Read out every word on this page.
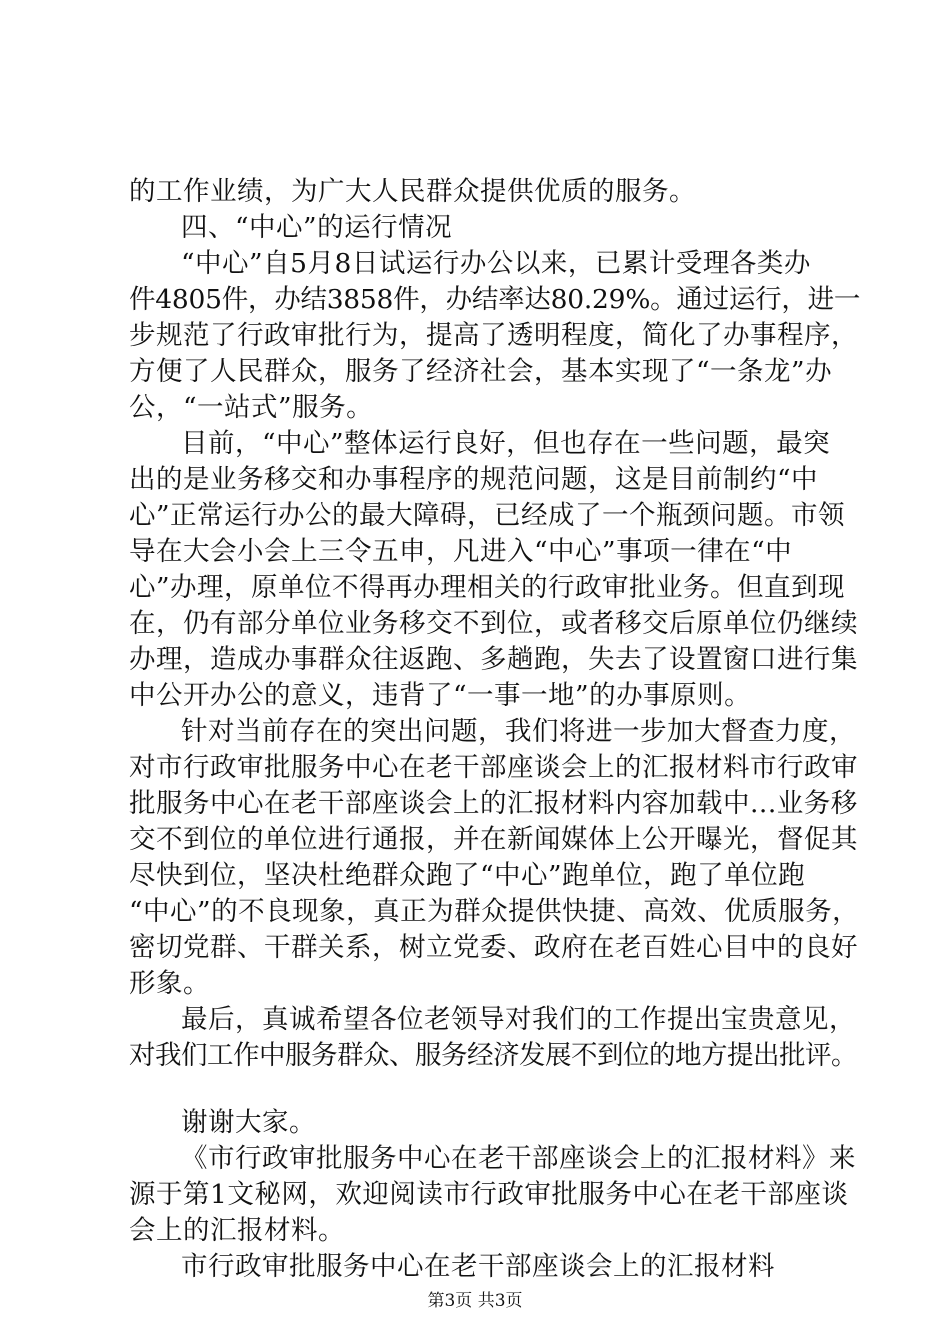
的工作业绩，为广大人民群众提供优质的服务。
四、“中心”的运行情况
“中心”自5月8日试运行办公以来，已累计受理各类办
件4805件，办结3858件，办结率达80.29%。通过运行，进一
步规范了行政审批行为，提高了透明程度，简化了办事程序，
方便了人民群众，服务了经济社会，基本实现了“一条龙”办
公，“一站式”服务。
目前，“中心”整体运行良好，但也存在一些问题，最突
出的是业务移交和办事程序的规范问题，这是目前制约“中
心”正常运行办公的最大障碍，已经成了一个瓶颈问题。市领
导在大会小会上三令五申，凡进入“中心”事项一律在“中
心”办理，原单位不得再办理相关的行政审批业务。但直到现
在，仍有部分单位业务移交不到位，或者移交后原单位仍继续
办理，造成办事群众往返跑、多趟跑，失去了设置窗口进行集
中公开办公的意义，违背了“一事一地”的办事原则。
针对当前存在的突出问题，我们将进一步加大督查力度，
对市行政审批服务中心在老干部座谈会上的汇报材料市行政审
批服务中心在老干部座谈会上的汇报材料内容加载中...业务移
交不到位的单位进行通报，并在新闻媒体上公开曝光，督促其
尽快到位，坚决杜绝群众跑了“中心”跑单位，跑了单位跑
“中心”的不良现象，真正为群众提供快捷、高效、优质服务，
密切党群、干群关系，树立党委、政府在老百姓心目中的良好
形象。
最后，真诚希望各位老领导对我们的工作提出宝贵意见，
对我们工作中服务群众、服务经济发展不到位的地方提出批评。
谢谢大家。
《市行政审批服务中心在老干部座谈会上的汇报材料》来
源于第1文秘网，欢迎阅读市行政审批服务中心在老干部座谈
会上的汇报材料。
市行政审批服务中心在老干部座谈会上的汇报材料
第3页 共3页
